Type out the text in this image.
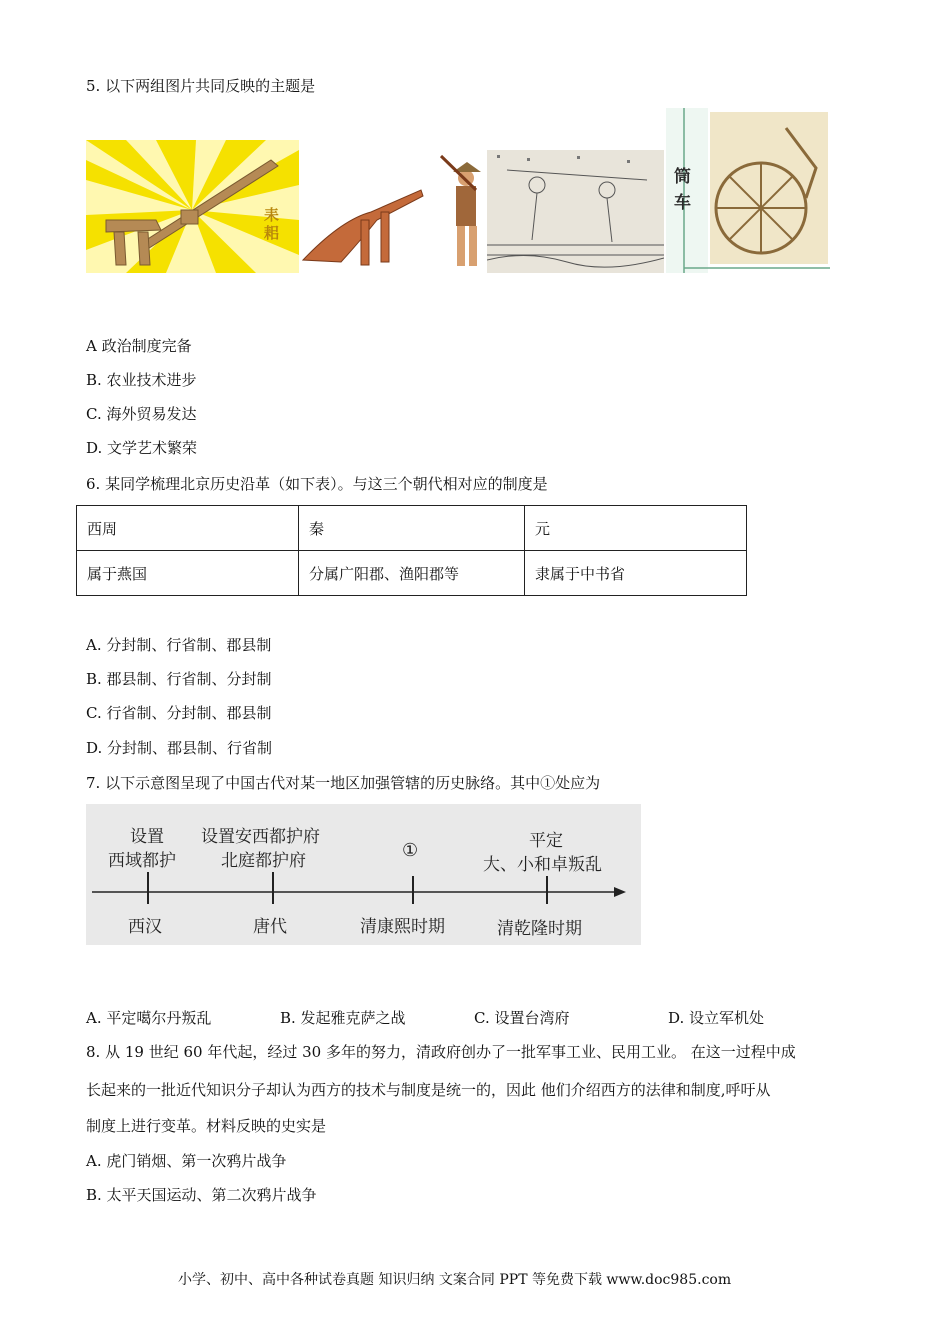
5. 以下两组图片共同反映的主题是
耒耜
筒车
A 政治制度完备
B. 农业技术进步
C. 海外贸易发达
D. 文学艺术繁荣
6. 某同学梳理北京历史沿革（如下表）。与这三个朝代相对应的制度是
西周	秦	元
属于燕国	分属广阳郡、渔阳郡等	隶属于中书省
A. 分封制、行省制、郡县制
B. 郡县制、行省制、分封制
C. 行省制、分封制、郡县制
D. 分封制、郡县制、行省制
7. 以下示意图呈现了中国古代对某一地区加强管辖的历史脉络。其中①处应为
设置
西域都护
西汉
设置安西都护府
北庭都护府
唐代
①
清康熙时期
平定
大、小和卓叛乱
清乾隆时期
A. 平定噶尔丹叛乱	B. 发起雅克萨之战	C. 设置台湾府	D. 设立军机处
8. 从 19 世纪 60 年代起，经过 30 多年的努力，清政府创办了一批军事工业、民用工业。 在这一过程中成
长起来的一批近代知识分子却认为西方的技术与制度是统一的，因此 他们介绍西方的法律和制度,呼吁从
制度上进行变革。材料反映的史实是
A. 虎门销烟、第一次鸦片战争
B. 太平天国运动、第二次鸦片战争
小学、初中、高中各种试卷真题 知识归纳 文案合同 PPT 等免费下载 www.doc985.com
